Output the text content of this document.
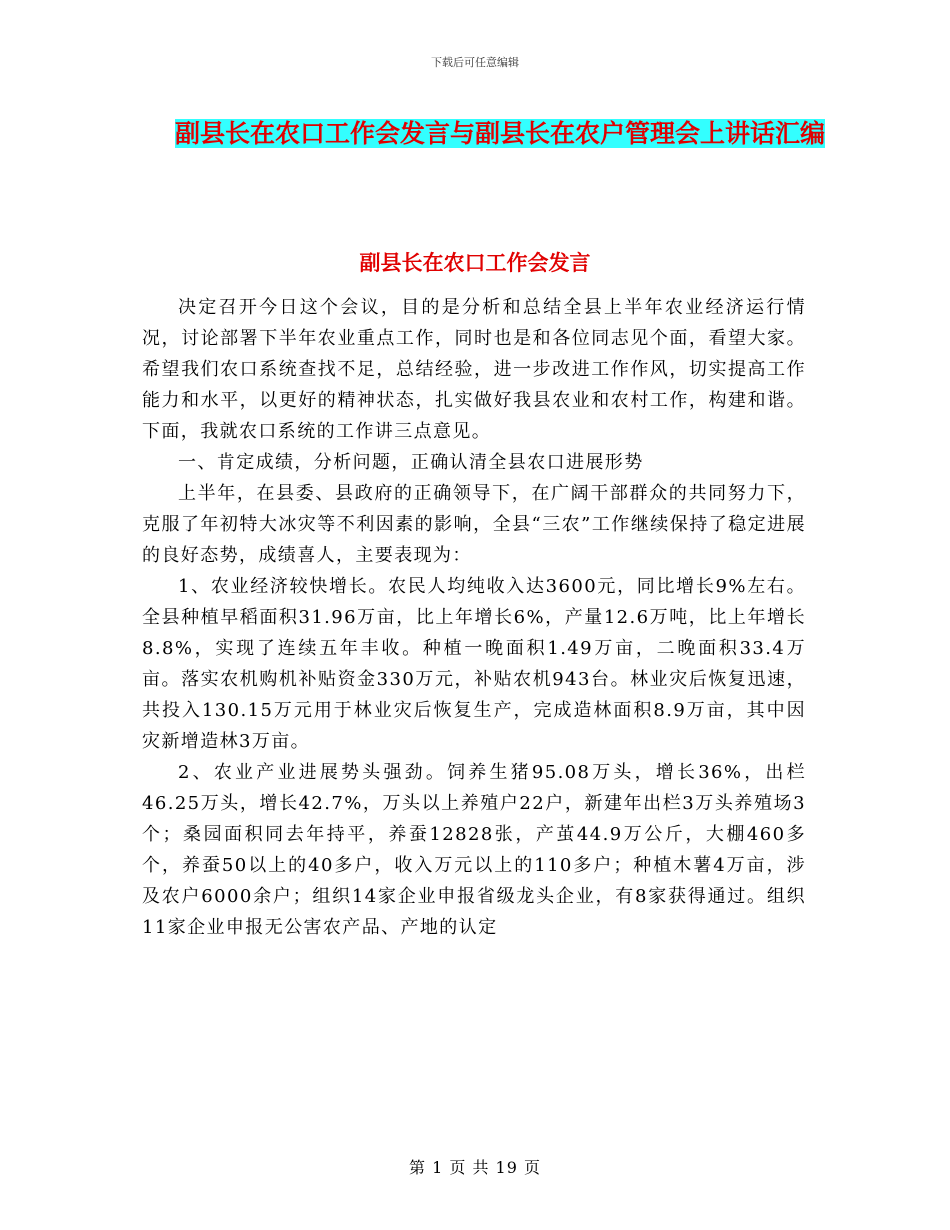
下载后可任意编辑
副县长在农口工作会发言与副县长在农户管理会上讲话汇编
副县长在农口工作会发言

决定召开今日这个会议，目的是分析和总结全县上半年农业经济运行情况，讨论部署下半年农业重点工作，同时也是和各位同志见个面，看望大家。希望我们农口系统查找不足，总结经验，进一步改进工作作风，切实提高工作能力和水平，以更好的精神状态，扎实做好我县农业和农村工作，构建和谐。下面，我就农口系统的工作讲三点意见。

一、肯定成绩，分析问题，正确认清全县农口进展形势

上半年，在县委、县政府的正确领导下，在广阔干部群众的共同努力下，克服了年初特大冰灾等不利因素的影响，全县“三农”工作继续保持了稳定进展的良好态势，成绩喜人，主要表现为：

1、农业经济较快增长。农民人均纯收入达3600元，同比增长9%左右。全县种植早稻面积31.96万亩，比上年增长6%，产量12.6万吨，比上年增长8.8%，实现了连续五年丰收。种植一晚面积1.49万亩，二晚面积33.4万亩。落实农机购机补贴资金330万元，补贴农机943台。林业灾后恢复迅速，共投入130.15万元用于林业灾后恢复生产，完成造林面积8.9万亩，其中因灾新增造林3万亩。

2、农业产业进展势头强劲。饲养生猪95.08万头，增长36%，出栏46.25万头，增长42.7%，万头以上养殖户22户，新建年出栏3万头养殖场3个；桑园面积同去年持平，养蚕12828张，产茧44.9万公斤，大棚460多个，养蚕50以上的40多户，收入万元以上的110多户；种植木薯4万亩，涉及农户6000余户；组织14家企业申报省级龙头企业，有8家获得通过。组织11家企业申报无公害农产品、产地的认定

第 1 页 共 19 页
